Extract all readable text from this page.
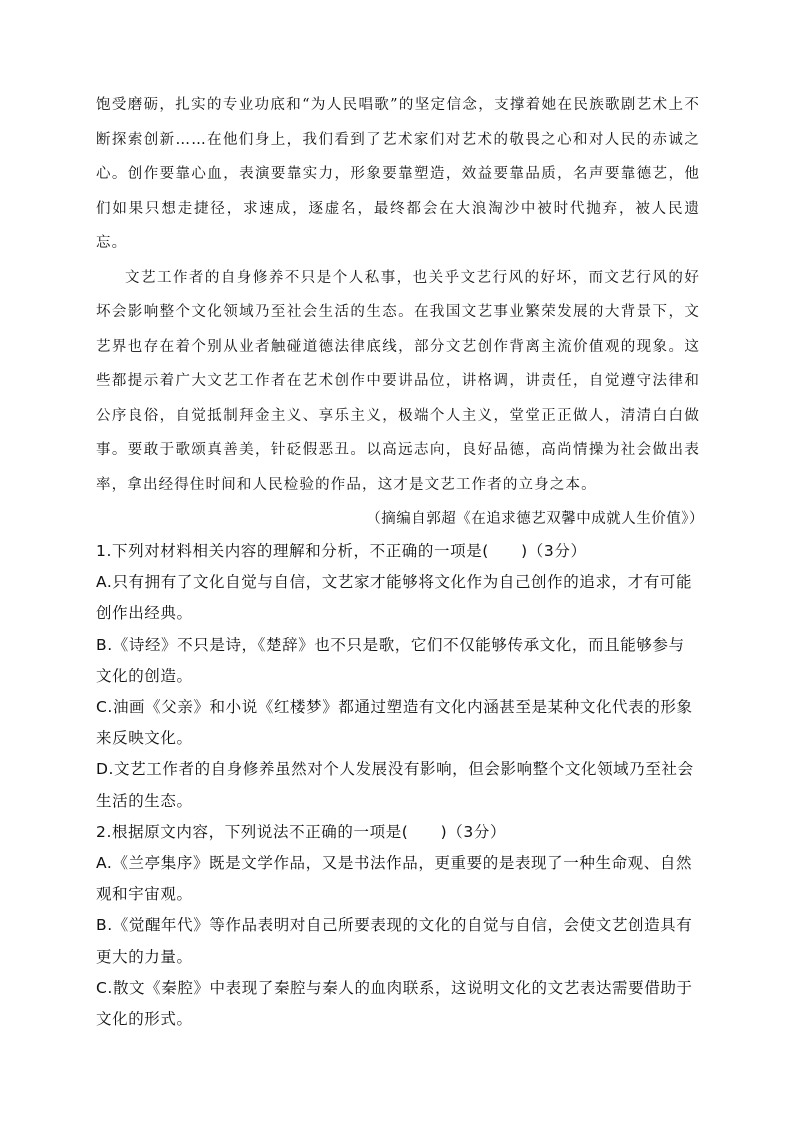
饱受磨砺，扎实的专业功底和“为人民唱歌”的坚定信念，支撑着她在民族歌剧艺术上不断探索创新……在他们身上，我们看到了艺术家们对艺术的敬畏之心和对人民的赤诚之心。创作要靠心血，表演要靠实力，形象要靠塑造，效益要靠品质，名声要靠德艺，他们如果只想走捷径，求速成，逐虚名，最终都会在大浪淘沙中被时代抛弃，被人民遗忘。

文艺工作者的自身修养不只是个人私事，也关乎文艺行风的好坏，而文艺行风的好坏会影响整个文化领域乃至社会生活的生态。在我国文艺事业繁荣发展的大背景下，文艺界也存在着个别从业者触碰道德法律底线，部分文艺创作背离主流价值观的现象。这些都提示着广大文艺工作者在艺术创作中要讲品位，讲格调，讲责任，自觉遵守法律和公序良俗，自觉抵制拜金主义、享乐主义，极端个人主义，堂堂正正做人，清清白白做事。要敢于歌颂真善美，针砭假恶丑。以高远志向，良好品德，高尚情操为社会做出表率，拿出经得住时间和人民检验的作品，这才是文艺工作者的立身之本。

（摘编自郭超《在追求德艺双馨中成就人生价值》）

1.下列对材料相关内容的理解和分析，不正确的一项是(　　)（3分）

A.只有拥有了文化自觉与自信，文艺家才能够将文化作为自己创作的追求，才有可能创作出经典。

B.《诗经》不只是诗，《楚辞》也不只是歌，它们不仅能够传承文化，而且能够参与文化的创造。

C.油画《父亲》和小说《红楼梦》都通过塑造有文化内涵甚至是某种文化代表的形象来反映文化。

D.文艺工作者的自身修养虽然对个人发展没有影响，但会影响整个文化领域乃至社会生活的生态。

2.根据原文内容，下列说法不正确的一项是(　　)（3分）

A.《兰亭集序》既是文学作品，又是书法作品，更重要的是表现了一种生命观、自然观和宇宙观。

B.《觉醒年代》等作品表明对自己所要表现的文化的自觉与自信，会使文艺创造具有更大的力量。

C.散文《秦腔》中表现了秦腔与秦人的血肉联系，这说明文化的文艺表达需要借助于文化的形式。
